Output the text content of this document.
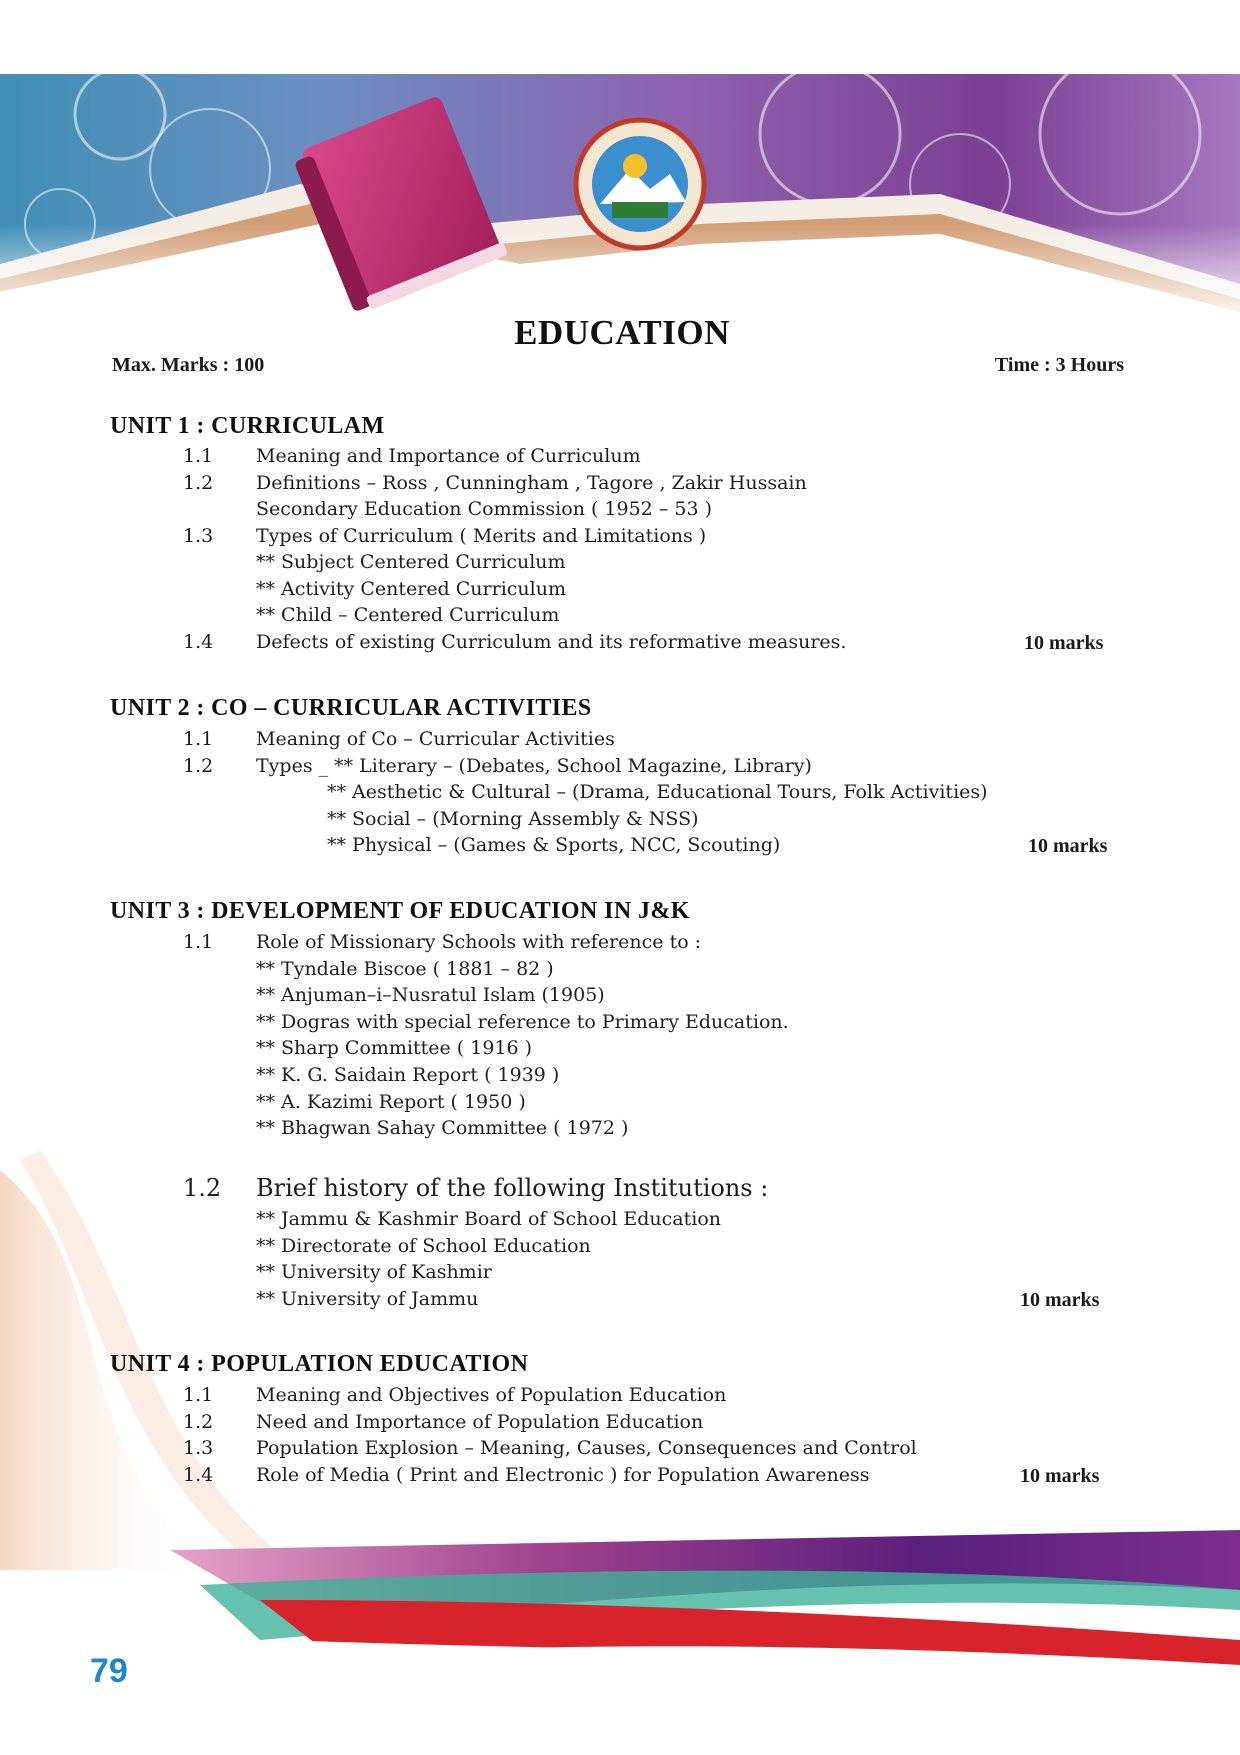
79
EDUCATION
Max. Marks : 100	Time : 3 Hours
UNIT 1 : CURRICULAM
1.1 Meaning and Importance of Curriculum
1.2 Definitions – Ross , Cunningham , Tagore , Zakir Hussain
Secondary Education Commission ( 1952 – 53 )
1.3 Types of Curriculum ( Merits and Limitations )
** Subject Centered Curriculum
** Activity Centered Curriculum
** Child – Centered Curriculum
1.4 Defects of existing Curriculum and its reformative measures.	10 marks
UNIT 2 : CO – CURRICULAR ACTIVITIES
1.1 Meaning of Co – Curricular Activities
1.2 Types _ ** Literary – (Debates, School Magazine, Library)
** Aesthetic & Cultural – (Drama, Educational Tours, Folk Activities)
** Social – (Morning Assembly & NSS)
** Physical – (Games & Sports, NCC, Scouting)	10 marks
UNIT 3 : DEVELOPMENT OF EDUCATION IN J&K
1.1 Role of Missionary Schools with reference to :
** Tyndale Biscoe ( 1881 – 82 )
** Anjuman–i–Nusratul Islam (1905)
** Dogras with special reference to Primary Education.
** Sharp Committee ( 1916 )
** K. G. Saidain Report ( 1939 )
** A. Kazimi Report ( 1950 )
** Bhagwan Sahay Committee ( 1972 )
1.2 Brief history of the following Institutions :
** Jammu & Kashmir Board of School Education
** Directorate of School Education
** University of Kashmir
** University of Jammu	10 marks
UNIT 4 : POPULATION EDUCATION
1.1 Meaning and Objectives of Population Education
1.2 Need and Importance of Population Education
1.3 Population Explosion – Meaning, Causes, Consequences and Control
1.4 Role of Media ( Print and Electronic ) for Population Awareness	10 marks
